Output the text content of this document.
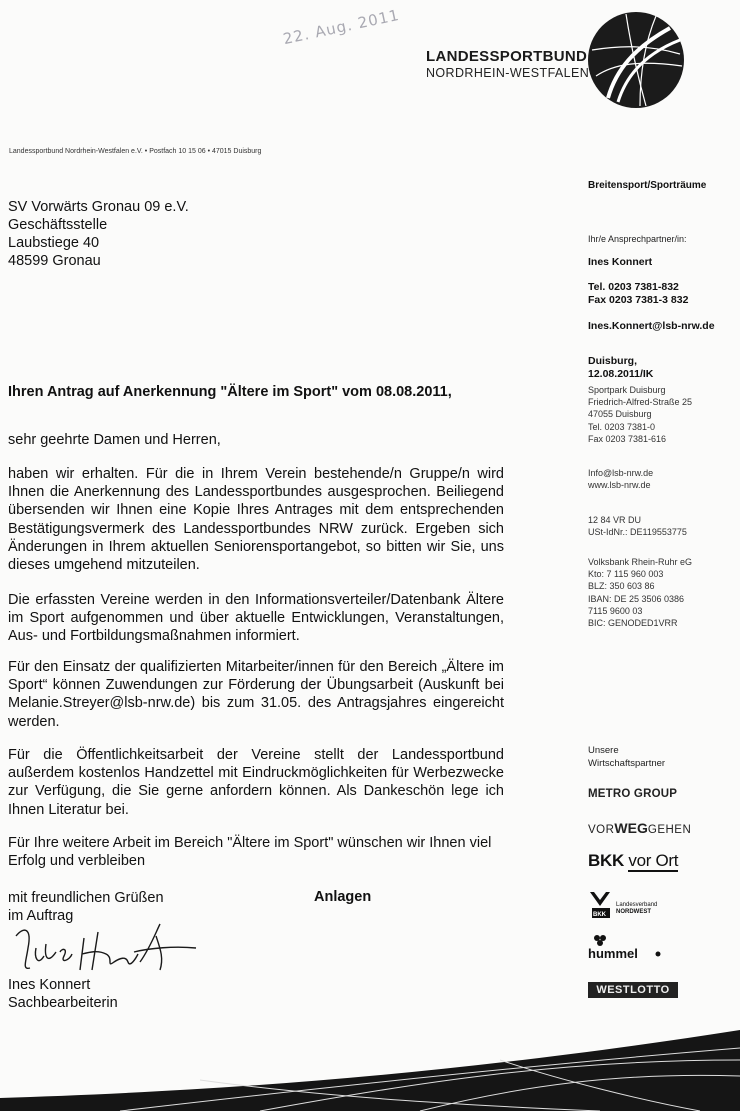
22. Aug. 2011
LANDESSPORTBUND
NORDRHEIN-WESTFALEN
Landessportbund Nordrhein-Westfalen e.V. • Postfach 10 15 06 • 47015 Duisburg
Breitensport/Sporträume
Ihr/e Ansprechpartner/in:
Ines Konnert
Tel. 0203 7381-832
Fax 0203 7381-3 832
Ines.Konnert@lsb-nrw.de
Duisburg,
12.08.2011/IK
Sportpark Duisburg
Friedrich-Alfred-Straße 25
47055 Duisburg
Tel. 0203 7381-0
Fax 0203 7381-616
Info@lsb-nrw.de
www.lsb-nrw.de
12 84 VR DU
USt-IdNr.: DE119553775
Volksbank Rhein-Ruhr eG
Kto: 7 115 960 003
BLZ: 350 603 86
IBAN: DE 25 3506 0386
7115 9600 03
BIC: GENODED1VRR
SV Vorwärts Gronau 09 e.V.
Geschäftsstelle
Laubstiege 40
48599 Gronau
Ihren Antrag auf Anerkennung "Ältere im Sport" vom 08.08.2011,
sehr geehrte Damen und Herren,
haben wir erhalten. Für die in Ihrem Verein bestehende/n Gruppe/n wird Ihnen die Anerkennung des Landessportbundes ausgesprochen. Beiliegend übersenden wir Ihnen eine Kopie Ihres Antrages mit dem entsprechenden Bestätigungsvermerk des Landessportbundes NRW zurück. Ergeben sich Änderungen in Ihrem aktuellen Seniorensportangebot, so bitten wir Sie, uns dieses umgehend mitzuteilen.
Die erfassten Vereine werden in den Informationsverteiler/Datenbank Ältere im Sport aufgenommen und über aktuelle Entwicklungen, Veranstaltungen, Aus- und Fortbildungsmaßnahmen informiert.
Für den Einsatz der qualifizierten Mitarbeiter/innen für den Bereich „Ältere im Sport“ können Zuwendungen zur Förderung der Übungsarbeit (Auskunft bei Melanie.Streyer@lsb-nrw.de) bis zum 31.05. des Antragsjahres eingereicht werden.
Für die Öffentlichkeitsarbeit der Vereine stellt der Landessportbund außerdem kostenlos Handzettel mit Eindruckmöglichkeiten für Werbezwecke zur Verfügung, die Sie gerne anfordern können. Als Dankeschön lege ich Ihnen Literatur bei.
Für Ihre weitere Arbeit im Bereich "Ältere im Sport" wünschen wir Ihnen viel Erfolg und verbleiben
mit freundlichen Grüßen
im Auftrag
Anlagen
Ines Konnert
Sachbearbeiterin
Unsere
Wirtschaftspartner
METRO GROUP
VORWEGGEHEN
BKK vor Ort
BKK
Landesverband
NORDWEST
hummel
WESTLOTTO
